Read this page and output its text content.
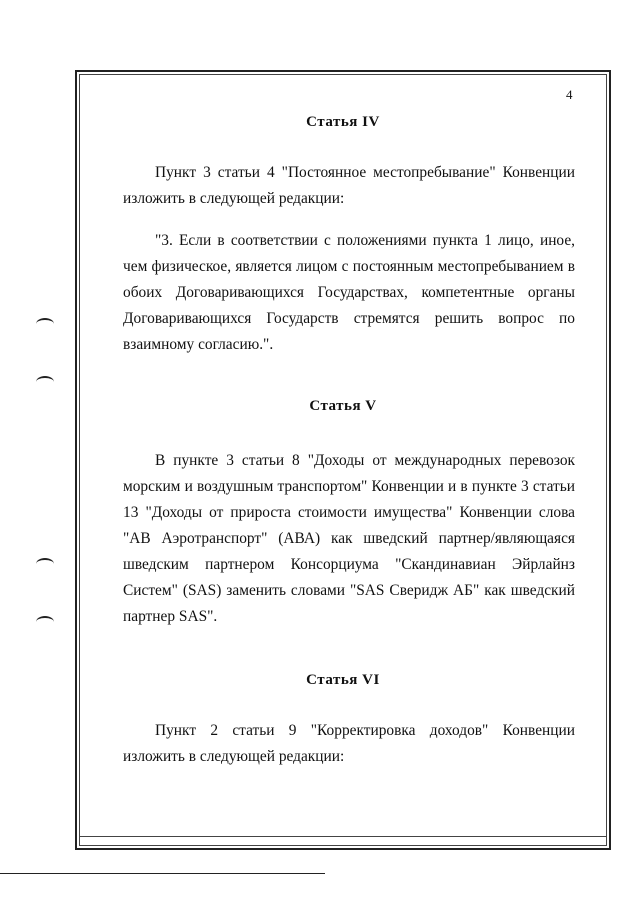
4
Статья IV

Пункт 3 статьи 4 "Постоянное местопребывание" Конвенции изложить в следующей редакции:

"3. Если в соответствии с положениями пункта 1 лицо, иное, чем физическое, является лицом с постоянным местопребыванием в обоих Договаривающихся Государствах, компетентные органы Договаривающихся Государств стремятся решить вопрос по взаимному согласию.".

Статья V

В пункте 3 статьи 8 "Доходы от международных перевозок морским и воздушным транспортом" Конвенции и в пункте 3 статьи 13 "Доходы от прироста стоимости имущества" Конвенции слова "АВ Аэротранспорт" (АВА) как шведский партнер/являющаяся шведским партнером Консорциума "Скандинавиан Эйрлайнз Систем" (SAS) заменить словами "SAS Сверидж АБ" как шведский партнер SAS".

Статья VI

Пункт 2 статьи 9 "Корректировка доходов" Конвенции изложить в следующей редакции:
